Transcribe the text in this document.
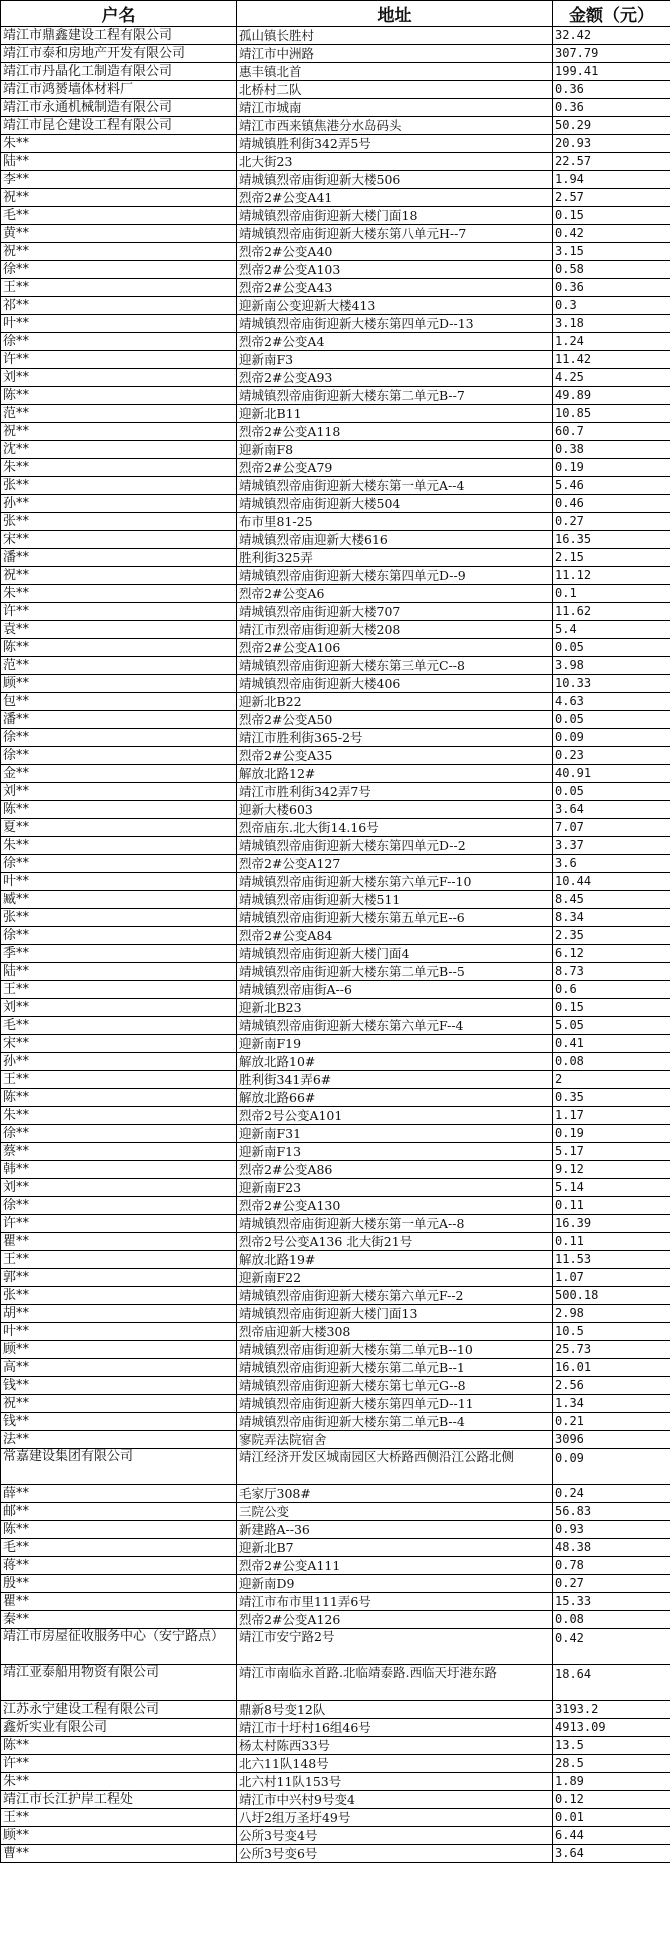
户名	地址	金额（元）
靖江市鼎鑫建设工程有限公司	孤山镇长胜村	32.42
靖江市泰和房地产开发有限公司	靖江市中洲路	307.79
靖江市丹晶化工制造有限公司	惠丰镇北首	199.41
靖江市鸿赟墙体材料厂	北桥村二队	0.36
靖江市永通机械制造有限公司	靖江市城南	0.36
靖江市昆仑建设工程有限公司	靖江市西来镇焦港分水岛码头	50.29
朱**	靖城镇胜利街342弄5号	20.93
陆**	北大街23	22.57
李**	靖城镇烈帝庙街迎新大楼506	1.94
祝**	烈帝2#公变A41	2.57
毛**	靖城镇烈帝庙街迎新大楼门面18	0.15
黄**	靖城镇烈帝庙街迎新大楼东第八单元H--7	0.42
祝**	烈帝2#公变A40	3.15
徐**	烈帝2#公变A103	0.58
王**	烈帝2#公变A43	0.36
祁**	迎新南公变迎新大楼413	0.3
叶**	靖城镇烈帝庙街迎新大楼东第四单元D--13	3.18
徐**	烈帝2#公变A4	1.24
许**	迎新南F3	11.42
刘**	烈帝2#公变A93	4.25
陈**	靖城镇烈帝庙街迎新大楼东第二单元B--7	49.89
范**	迎新北B11	10.85
祝**	烈帝2#公变A118	60.7
沈**	迎新南F8	0.38
朱**	烈帝2#公变A79	0.19
张**	靖城镇烈帝庙街迎新大楼东第一单元A--4	5.46
孙**	靖城镇烈帝庙街迎新大楼504	0.46
张**	布市里81-25	0.27
宋**	靖城镇烈帝庙迎新大楼616	16.35
潘**	胜利街325弄	2.15
祝**	靖城镇烈帝庙街迎新大楼东第四单元D--9	11.12
朱**	烈帝2#公变A6	0.1
许**	靖城镇烈帝庙街迎新大楼707	11.62
袁**	靖江市烈帝庙街迎新大楼208	5.4
陈**	烈帝2#公变A106	0.05
范**	靖城镇烈帝庙街迎新大楼东第三单元C--8	3.98
顾**	靖城镇烈帝庙街迎新大楼406	10.33
包**	迎新北B22	4.63
潘**	烈帝2#公变A50	0.05
徐**	靖江市胜利街365-2号	0.09
徐**	烈帝2#公变A35	0.23
金**	解放北路12#	40.91
刘**	靖江市胜利街342弄7号	0.05
陈**	迎新大楼603	3.64
夏**	烈帝庙东.北大街14.16号	7.07
朱**	靖城镇烈帝庙街迎新大楼东第四单元D--2	3.37
徐**	烈帝2#公变A127	3.6
叶**	靖城镇烈帝庙街迎新大楼东第六单元F--10	10.44
臧**	靖城镇烈帝庙街迎新大楼511	8.45
张**	靖城镇烈帝庙街迎新大楼东第五单元E--6	8.34
徐**	烈帝2#公变A84	2.35
季**	靖城镇烈帝庙街迎新大楼门面4	6.12
陆**	靖城镇烈帝庙街迎新大楼东第二单元B--5	8.73
王**	靖城镇烈帝庙街A--6	0.6
刘**	迎新北B23	0.15
毛**	靖城镇烈帝庙街迎新大楼东第六单元F--4	5.05
宋**	迎新南F19	0.41
孙**	解放北路10#	0.08
王**	胜利街341弄6#	2
陈**	解放北路66#	0.35
朱**	烈帝2号公变A101	1.17
徐**	迎新南F31	0.19
蔡**	迎新南F13	5.17
韩**	烈帝2#公变A86	9.12
刘**	迎新南F23	5.14
徐**	烈帝2#公变A130	0.11
许**	靖城镇烈帝庙街迎新大楼东第一单元A--8	16.39
瞿**	烈帝2号公变A136 北大街21号	0.11
王**	解放北路19#	11.53
郭**	迎新南F22	1.07
张**	靖城镇烈帝庙街迎新大楼东第六单元F--2	500.18
胡**	靖城镇烈帝庙街迎新大楼门面13	2.98
叶**	烈帝庙迎新大楼308	10.5
顾**	靖城镇烈帝庙街迎新大楼东第二单元B--10	25.73
高**	靖城镇烈帝庙街迎新大楼东第二单元B--1	16.01
钱**	靖城镇烈帝庙街迎新大楼东第七单元G--8	2.56
祝**	靖城镇烈帝庙街迎新大楼东第四单元D--11	1.34
钱**	靖城镇烈帝庙街迎新大楼东第二单元B--4	0.21
法**	寥院弄法院宿舍	3096
常嘉建设集团有限公司	靖江经济开发区城南园区大桥路西侧沿江公路北侧	0.09
薛**	毛家厅308#	0.24
邮**	三院公变	56.83
陈**	新建路A--36	0.93
毛**	迎新北B7	48.38
蒋**	烈帝2#公变A111	0.78
殷**	迎新南D9	0.27
瞿**	靖江市布市里111弄6号	15.33
秦**	烈帝2#公变A126	0.08
靖江市房屋征收服务中心（安宁路点）	靖江市安宁路2号	0.42
靖江亚泰船用物资有限公司	靖江市南临永首路.北临靖泰路.西临天圩港东路	18.64
江苏永宁建设工程有限公司	鼎新8号变12队	3193.2
鑫炘实业有限公司	靖江市十圩村16组46号	4913.09
陈**	杨太村陈西33号	13.5
许**	北六11队148号	28.5
朱**	北六村11队153号	1.89
靖江市长江护岸工程处	靖江市中兴村9号变4	0.12
王**	八圩2组万圣圩49号	0.01
顾**	公所3号变4号	6.44
曹**	公所3号变6号	3.64
